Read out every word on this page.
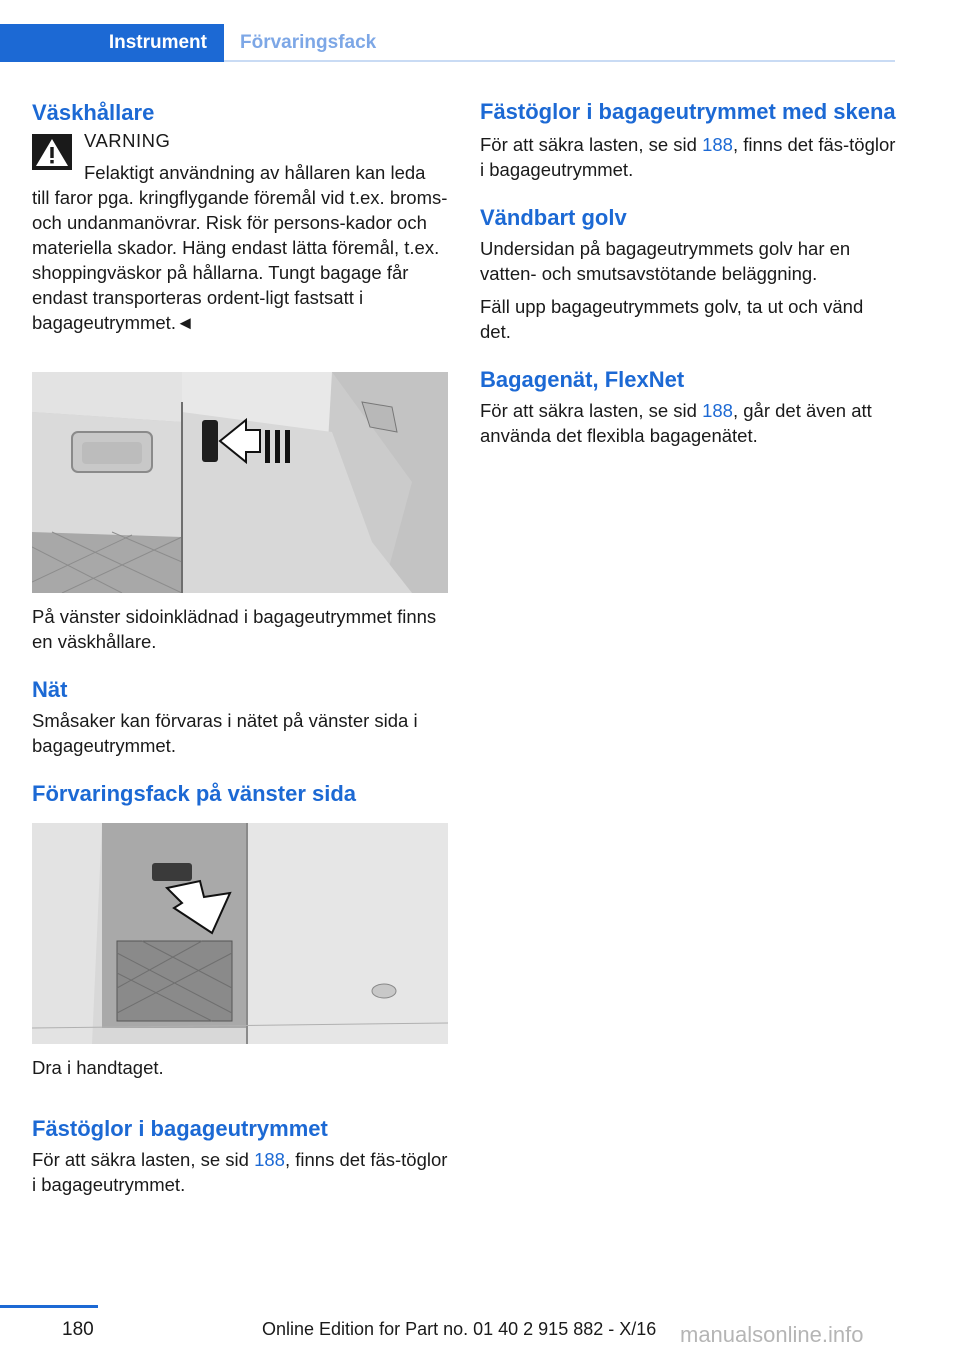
Instrument Förvaringsfack
Väskhållare
VARNING

Felaktigt användning av hållaren kan leda

till faror pga. kringflygande föremål vid t.ex. broms- och undanmanövrar. Risk för persons-kador och materiella skador. Häng endast lätta föremål, t.ex. shoppingväskor på hållarna. Tungt bagage får endast transporteras ordent-ligt fastsatt i bagageutrymmet.◄

På vänster sidoinklädnad i bagageutrymmet finns en väskhållare.

Nät

Småsaker kan förvaras i nätet på vänster sida i bagageutrymmet.

Förvaringsfack på vänster sida

Dra i handtaget.

Fästöglor i bagageutrymmet

För att säkra lasten, se sid 188, finns det fäs-töglor i bagageutrymmet.

Fästöglor i bagageutrymmet med skena

För att säkra lasten, se sid 188, finns det fäs-töglor i bagageutrymmet.

Vändbart golv

Undersidan på bagageutrymmets golv har en vatten- och smutsavstötande beläggning.

Fäll upp bagageutrymmets golv, ta ut och vänd det.

Bagagenät, FlexNet

För att säkra lasten, se sid 188, går det även att använda det flexibla bagagenätet.

180	Online Edition for Part no. 01 40 2 915 882 - X/16 manualsonline.info
